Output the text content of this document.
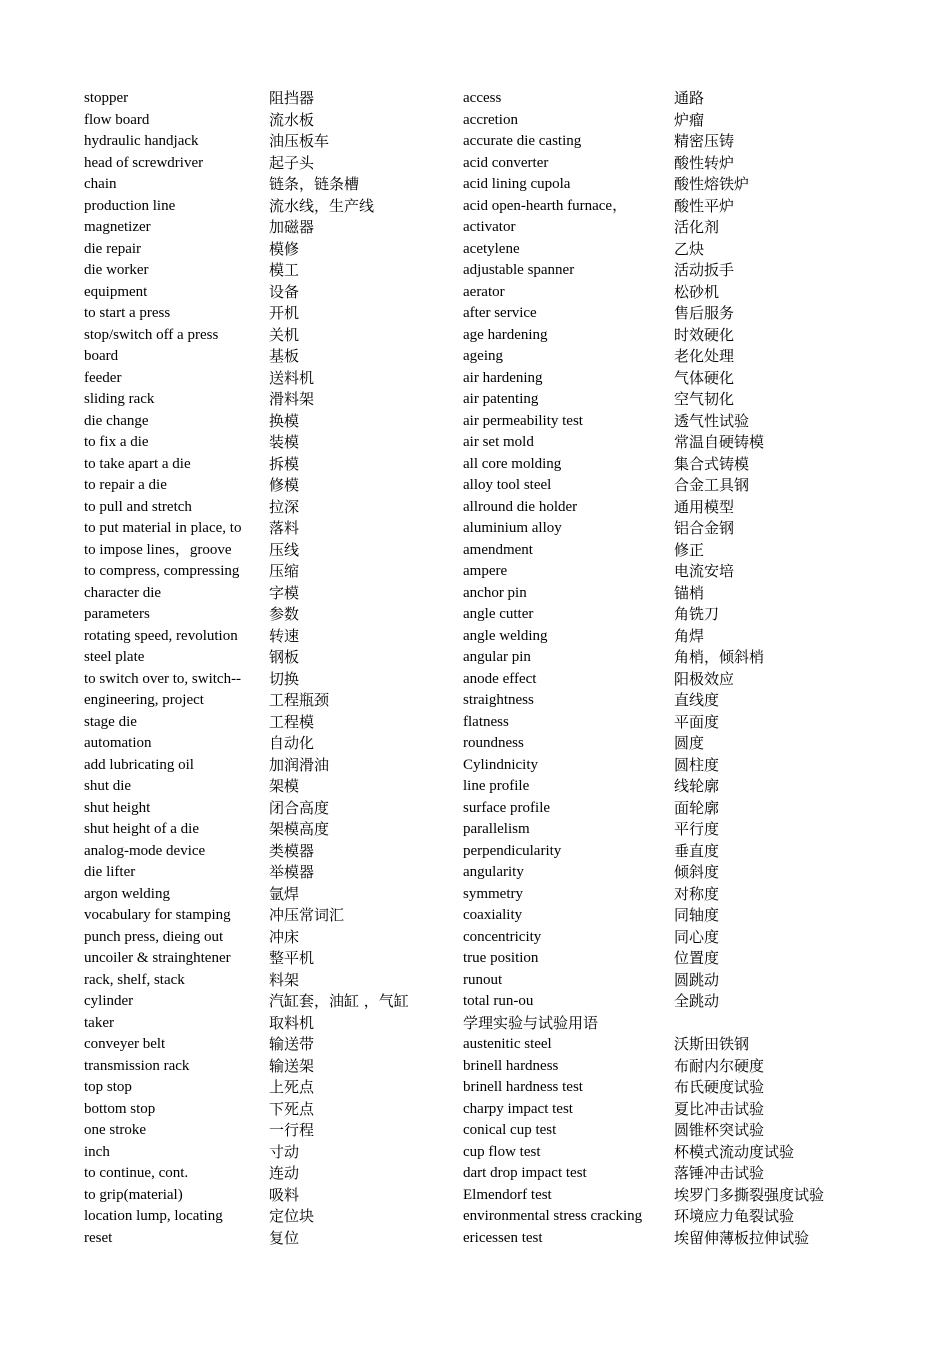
stopper	阻挡器
flow board	流水板
hydraulic handjack	油压板车
head of screwdriver	起子头
chain	链条，链条槽
production line	流水线，生产线
magnetizer	加磁器
die repair	模修
die worker	模工
equipment	设备
to start a press	开机
stop/switch off a press	关机
board	基板
feeder	送料机
sliding rack	滑料架
die change	换模
to fix a die	装模
to take apart a die	拆模
to repair a die	修模
to pull and stretch	拉深
to put material in place, to	落料
to impose lines，groove	压线
to compress, compressing	压缩
character die	字模
parameters	参数
rotating speed, revolution	转速
steel plate	钢板
to switch over to, switch--	切换
engineering, project	工程瓶颈
stage die	工程模
automation	自动化
add lubricating oil	加润滑油
shut die	架模
shut height	闭合高度
shut height of a die	架模高度
analog-mode device	类模器
die lifter	举模器
argon welding	氩焊
vocabulary for stamping	冲压常词汇
punch press, dieing out	冲床
uncoiler & strainghtener	整平机
rack, shelf, stack	料架
cylinder	汽缸套，油缸 ，气缸
taker	取料机
conveyer belt	输送带
transmission rack	输送架
top stop	上死点
bottom stop	下死点
one stroke	一行程
inch	寸动
to continue, cont.	连动
to grip(material)	吸料
location lump, locating	定位块
reset	复位
access	通路
accretion	炉瘤
accurate die casting	精密压铸
acid converter	酸性转炉
acid lining cupola	酸性熔铁炉
acid open-hearth furnace，	酸性平炉
activator	活化剂
acetylene	乙炔
adjustable spanner	活动扳手
aerator	松砂机
after service	售后服务
age hardening	时效硬化
ageing	老化处理
air hardening	气体硬化
air patenting	空气韧化
air permeability test	透气性试验
air set mold	常温自硬铸模
all core molding	集合式铸模
alloy tool steel	合金工具钢
allround die holder	通用模型
aluminium alloy	铝合金钢
amendment	修正
ampere	电流安培
anchor pin	锚梢
angle cutter	角铣刀
angle welding	角焊
angular pin	角梢，倾斜梢
anode effect	阳极效应
straightness	直线度
flatness	平面度
roundness	圆度
Cylindnicity	圆柱度
line profile	线轮廓
surface profile	面轮廓
parallelism	平行度
perpendicularity	垂直度
angularity	倾斜度
symmetry	对称度
coaxiality	同轴度
concentricity	同心度
true position	位置度
runout	圆跳动
total run-ou	全跳动
学理实验与试验用语
austenitic steel	沃斯田铁钢
brinell hardness	布耐内尔硬度
brinell hardness test	布氏硬度试验
charpy impact test	夏比冲击试验
conical cup test	圆锥杯突试验
cup flow test	杯模式流动度试验
dart drop impact test	落锤冲击试验
Elmendorf test	埃罗门多撕裂强度试验
environmental stress cracking	环境应力龟裂试验
ericessen test	埃留伸薄板拉伸试验
